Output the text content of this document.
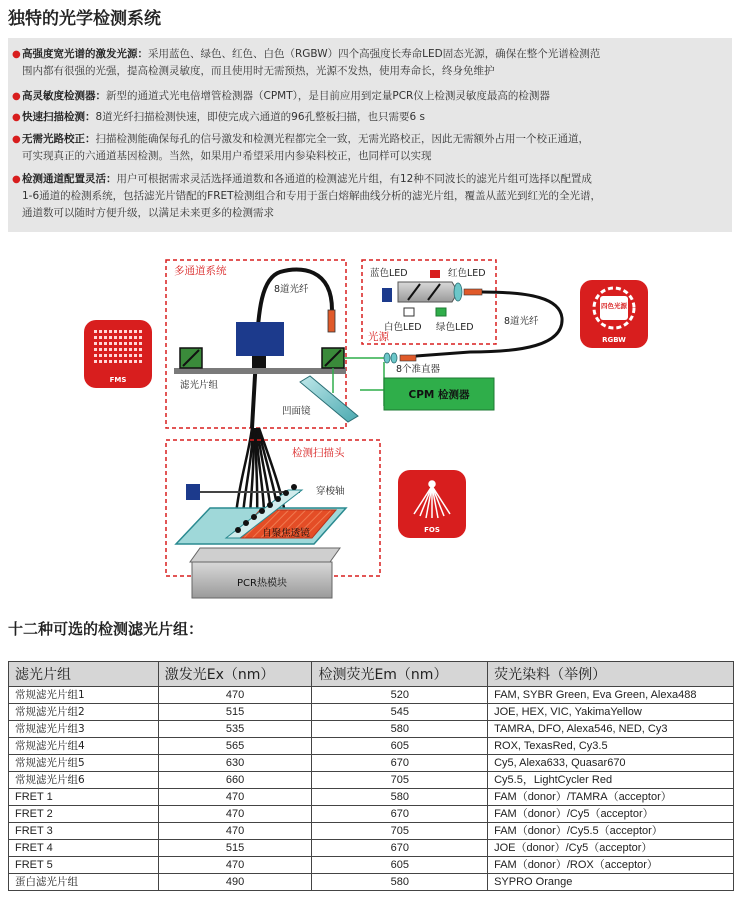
独特的光学检测系统
● 高强度宽光谱的激发光源：采用蓝色、绿色、红色、白色（RGBW）四个高强度长寿命LED固态光源，确保在整个光谱检测范
围内都有很强的光强，提高检测灵敏度，而且使用时无需预热，光源不发热，使用寿命长，终身免维护
● 高灵敏度检测器：新型的通道式光电倍增管检测器（CPMT），是目前应用到定量PCR仪上检测灵敏度最高的检测器
● 快速扫描检测：8道光纤扫描检测快速，即使完成六通道的96孔整板扫描，也只需要6 s
● 无需光路校正：扫描检测能确保每孔的信号激发和检测光程都完全一致，无需光路校正，因此无需额外占用一个校正通道，
可实现真正的六通道基因检测。当然，如果用户希望采用内参染料校正，也同样可以实现
● 检测通道配置灵活：用户可根据需求灵活选择通道数和各通道的检测滤光片组，有12种不同波长的滤光片组可选择以配置成
1-6通道的检测系统，包括滤光片错配的FRET检测组合和专用于蛋白熔解曲线分析的滤光片组，覆盖从蓝光到红光的全光谱，
通道数可以随时方便升级，以满足未来更多的检测需求
FMS
多通道系统
8道光纤
滤光片组
凹面镜
CPM 检测器
8个准直器
蓝色LED	红色LED
白色LED 绿色LED
光源
8道光纤
四色光源
RGBW
检测扫描头
PCR热模块
自聚焦透镜
穿梭轴
FOS
十二种可选的检测滤光片组：
滤光片组	激发光Ex（nm）	检测荧光Em（nm）	荧光染料（举例）
常规滤光片组1	470	520	FAM, SYBR Green, Eva Green, Alexa488
常规滤光片组2	515	545	JOE, HEX, VIC, YakimaYellow
常规滤光片组3	535	580	TAMRA, DFO, Alexa546, NED, Cy3
常规滤光片组4	565	605	ROX, TexasRed, Cy3.5
常规滤光片组5	630	670	Cy5, Alexa633, Quasar670
常规滤光片组6	660	705	Cy5.5，LightCycler Red
FRET 1	470	580	FAM（donor）/TAMRA（acceptor）
FRET 2	470	670	FAM（donor）/Cy5（acceptor）
FRET 3	470	705	FAM（donor）/Cy5.5（acceptor）
FRET 4	515	670	JOE（donor）/Cy5（acceptor）
FRET 5	470	605	FAM（donor）/ROX（acceptor）
蛋白滤光片组	490	580	SYPRO Orange
